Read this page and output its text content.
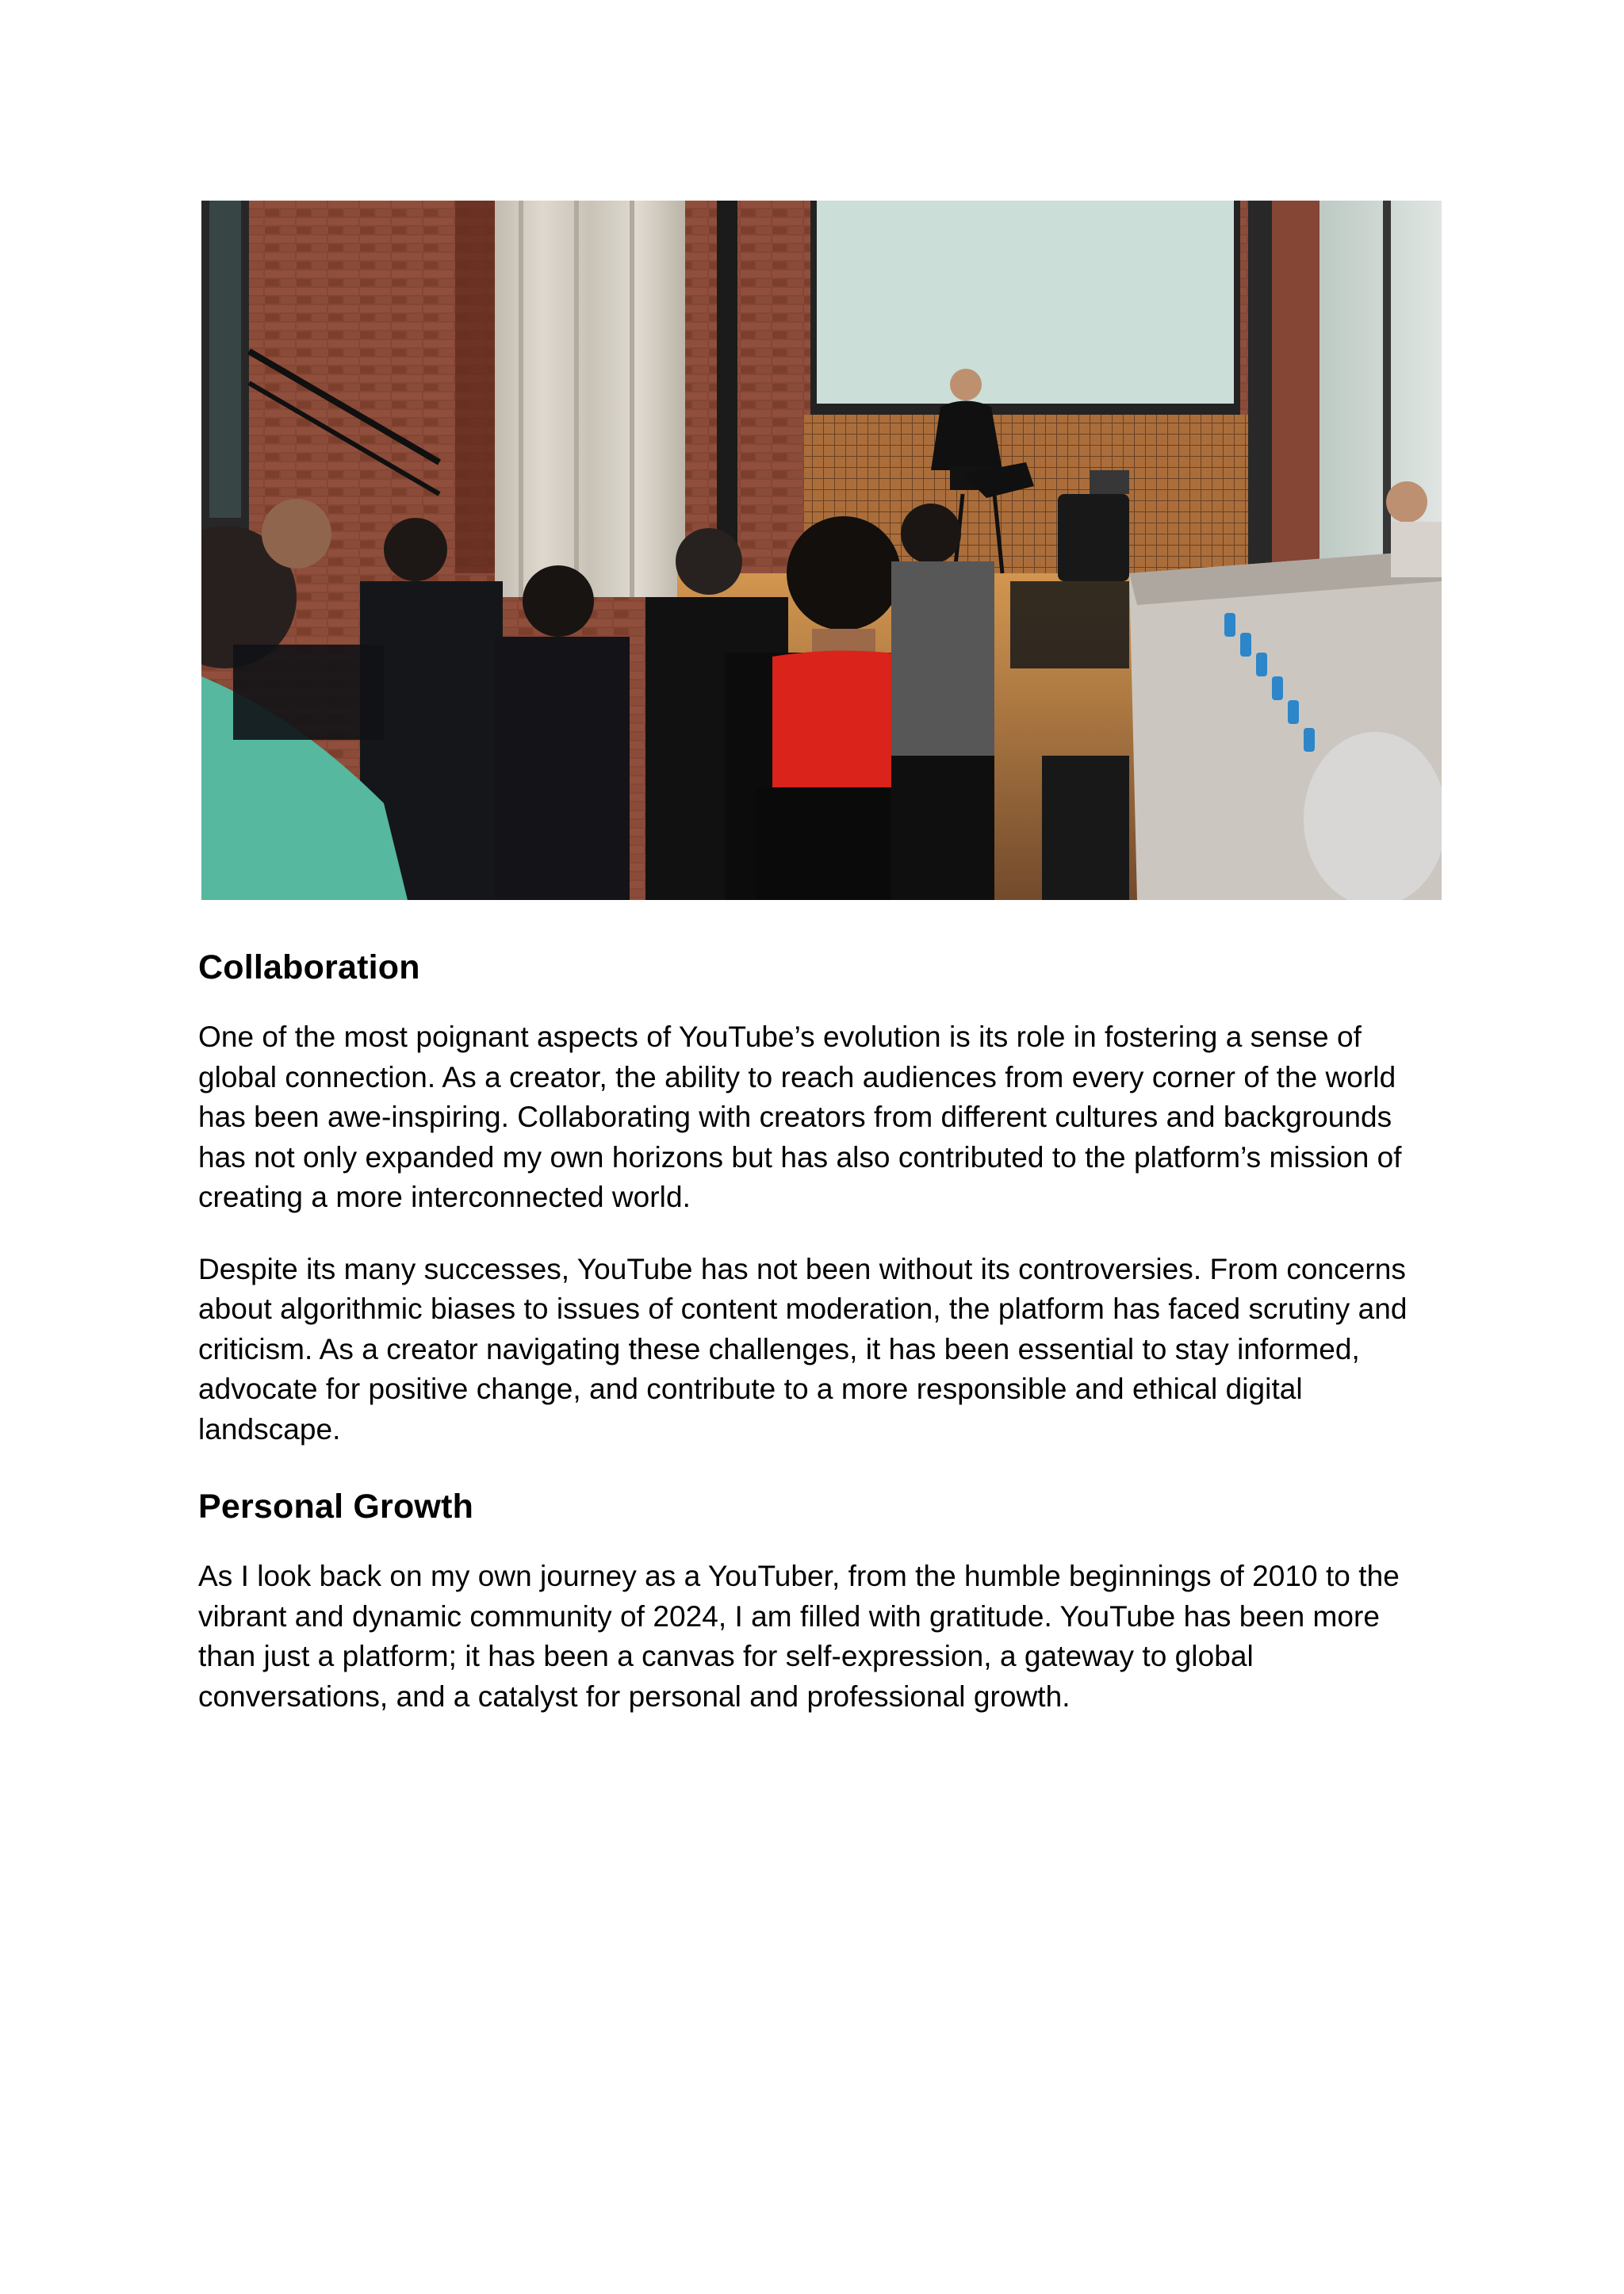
Collaboration

One of the most poignant aspects of YouTube’s evolution is its role in fostering a sense of global connection. As a creator, the ability to reach audiences from every corner of the world has been awe-inspiring. Collaborating with creators from different cultures and backgrounds has not only expanded my own horizons but has also contributed to the platform’s mission of creating a more interconnected world.

Despite its many successes, YouTube has not been without its controversies. From concerns about algorithmic biases to issues of content moderation, the platform has faced scrutiny and criticism. As a creator navigating these challenges, it has been essential to stay informed, advocate for positive change, and contribute to a more responsible and ethical digital landscape.

Personal Growth

As I look back on my own journey as a YouTuber, from the humble beginnings of 2010 to the vibrant and dynamic community of 2024, I am filled with gratitude. YouTube has been more than just a platform; it has been a canvas for self-expression, a gateway to global conversations, and a catalyst for personal and professional growth.
